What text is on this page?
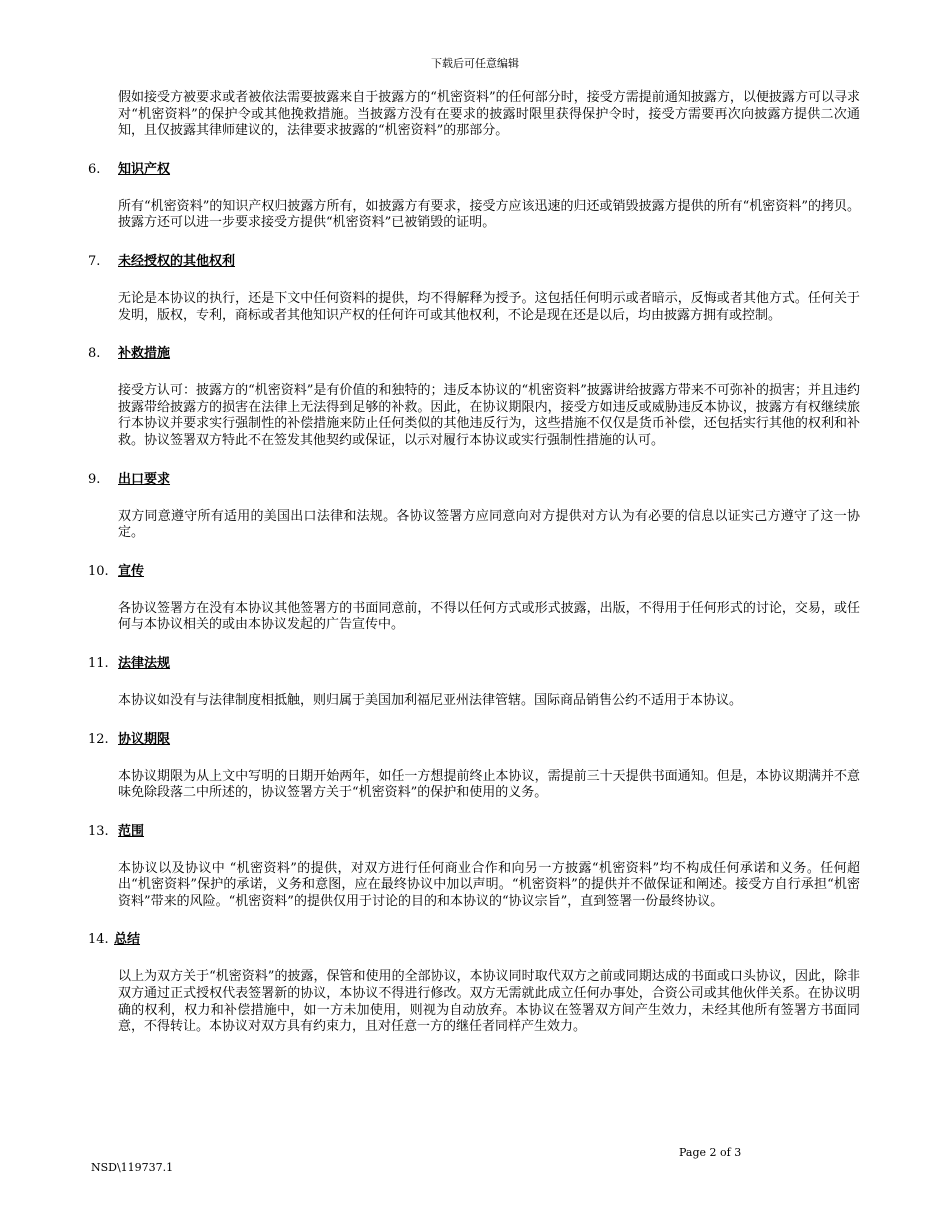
下载后可任意编辑

假如接受方被要求或者被依法需要披露来自于披露方的“机密资料”的任何部分时，接受方需提前通知披露方，以便披露方可以寻求对“机密资料”的保护令或其他挽救措施。当披露方没有在要求的披露时限里获得保护令时，接受方需要再次向披露方提供二次通知，且仅披露其律师建议的，法律要求披露的“机密资料”的那部分。

6.	知识产权

所有“机密资料”的知识产权归披露方所有，如披露方有要求，接受方应该迅速的归还或销毁披露方提供的所有“机密资料”的拷贝。披露方还可以进一步要求接受方提供“机密资料”已被销毁的证明。

7.	未经授权的其他权利

无论是本协议的执行，还是下文中任何资料的提供，均不得解释为授予。这包括任何明示或者暗示，反悔或者其他方式。任何关于发明，版权，专利，商标或者其他知识产权的任何许可或其他权利，不论是现在还是以后，均由披露方拥有或控制。

8.	补救措施

接受方认可：披露方的“机密资料”是有价值的和独特的；违反本协议的“机密资料”披露讲给披露方带来不可弥补的损害；并且违约披露带给披露方的损害在法律上无法得到足够的补救。因此，在协议期限内，接受方如违反或威胁违反本协议，披露方有权继续旅行本协议并要求实行强制性的补偿措施来防止任何类似的其他违反行为，这些措施不仅仅是货币补偿，还包括实行其他的权利和补救。协议签署双方特此不在签发其他契约或保证，以示对履行本协议或实行强制性措施的认可。

9.	出口要求

双方同意遵守所有适用的美国出口法律和法规。各协议签署方应同意向对方提供对方认为有必要的信息以证实己方遵守了这一协定。

10. 宣传

各协议签署方在没有本协议其他签署方的书面同意前，不得以任何方式或形式披露，出版，不得用于任何形式的讨论，交易，或任何与本协议相关的或由本协议发起的广告宣传中。

11. 法律法规

本协议如没有与法律制度相抵触，则归属于美国加利福尼亚州法律管辖。国际商品销售公约不适用于本协议。

12. 协议期限

本协议期限为从上文中写明的日期开始两年，如任一方想提前终止本协议，需提前三十天提供书面通知。但是，本协议期满并不意味免除段落二中所述的，协议签署方关于“机密资料”的保护和使用的义务。

13. 范围

本协议以及协议中 “机密资料”的提供，对双方进行任何商业合作和向另一方披露“机密资料”均不构成任何承诺和义务。任何超出“机密资料”保护的承诺，义务和意图，应在最终协议中加以声明。“机密资料”的提供并不做保证和阐述。接受方自行承担“机密资料”带来的风险。“机密资料”的提供仅用于讨论的目的和本协议的“协议宗旨”，直到签署一份最终协议。

14. 总结

以上为双方关于“机密资料”的披露，保管和使用的全部协议，本协议同时取代双方之前或同期达成的书面或口头协议，因此，除非双方通过正式授权代表签署新的协议，本协议不得进行修改。双方无需就此成立任何办事处，合资公司或其他伙伴关系。在协议明确的权利，权力和补偿措施中，如一方未加使用，则视为自动放弃。本协议在签署双方间产生效力，未经其他所有签署方书面同意，不得转让。本协议对双方具有约束力，且对任意一方的继任者同样产生效力。

Page 2 of 3
NSD\119737.1
